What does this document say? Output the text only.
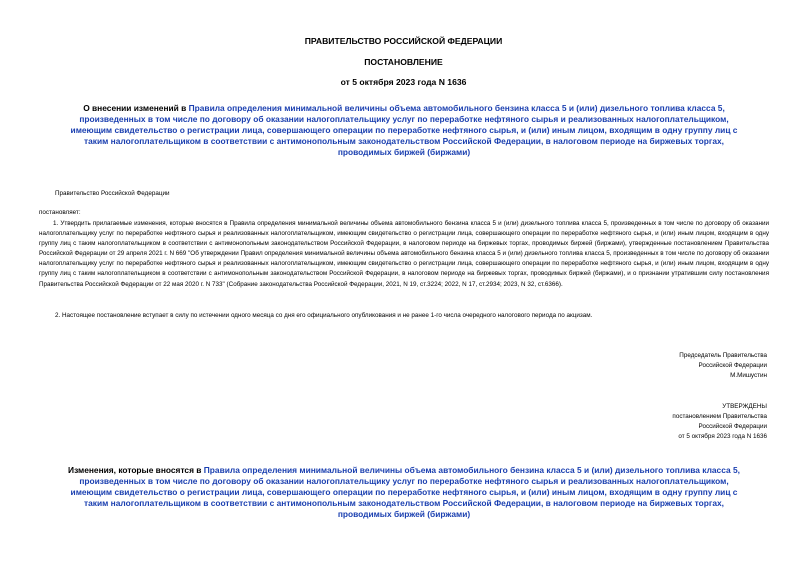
ПРАВИТЕЛЬСТВО РОССИЙСКОЙ ФЕДЕРАЦИИ
ПОСТАНОВЛЕНИЕ
от 5 октября 2023 года N 1636
О внесении изменений в Правила определения минимальной величины объема автомобильного бензина класса 5 и (или) дизельного топлива класса 5, произведенных в том числе по договору об оказании налогоплательщику услуг по переработке нефтяного сырья и реализованных налогоплательщиком, имеющим свидетельство о регистрации лица, совершающего операции по переработке нефтяного сырья, и (или) иным лицом, входящим в одну группу лиц с таким налогоплательщиком в соответствии с антимонопольным законодательством Российской Федерации, в налоговом периоде на биржевых торгах, проводимых биржей (биржами)
Правительство Российской Федерации
постановляет:
1. Утвердить прилагаемые изменения, которые вносятся в Правила определения минимальной величины объема автомобильного бензина класса 5 и (или) дизельного топлива класса 5, произведенных в том числе по договору об оказании налогоплательщику услуг по переработке нефтяного сырья и реализованных налогоплательщиком, имеющим свидетельство о регистрации лица, совершающего операции по переработке нефтяного сырья, и (или) иным лицом, входящим в одну группу лиц с таким налогоплательщиком в соответствии с антимонопольным законодательством Российской Федерации, в налоговом периоде на биржевых торгах, проводимых биржей (биржами), утвержденные постановлением Правительства Российской Федерации от 29 апреля 2021 г. N 669 "Об утверждении Правил определения минимальной величины объема автомобильного бензина класса 5 и (или) дизельного топлива класса 5, произведенных в том числе по договору об оказании налогоплательщику услуг по переработке нефтяного сырья и реализованных налогоплательщиком, имеющим свидетельство о регистрации лица, совершающего операции по переработке нефтяного сырья, и (или) иным лицом, входящим в одну группу лиц с таким налогоплательщиком в соответствии с антимонопольным законодательством Российской Федерации, в налоговом периоде на биржевых торгах, проводимых биржей (биржами), и о признании утратившим силу постановления Правительства Российской Федерации от 22 мая 2020 г. N 733" (Собрание законодательства Российской Федерации, 2021, N 19, ст.3224; 2022, N 17, ст.2934; 2023, N 32, ст.6366).
2. Настоящее постановление вступает в силу по истечении одного месяца со дня его официального опубликования и не ранее 1-го числа очередного налогового периода по акцизам.
Председатель Правительства
Российской Федерации
М.Мишустин
УТВЕРЖДЕНЫ
постановлением Правительства
Российской Федерации
от 5 октября 2023 года N 1636
Изменения, которые вносятся в Правила определения минимальной величины объема автомобильного бензина класса 5 и (или) дизельного топлива класса 5, произведенных в том числе по договору об оказании налогоплательщику услуг по переработке нефтяного сырья и реализованных налогоплательщиком, имеющим свидетельство о регистрации лица, совершающего операции по переработке нефтяного сырья, и (или) иным лицом, входящим в одну группу лиц с таким налогоплательщиком в соответствии с антимонопольным законодательством Российской Федерации, в налоговом периоде на биржевых торгах, проводимых биржей (биржами)
